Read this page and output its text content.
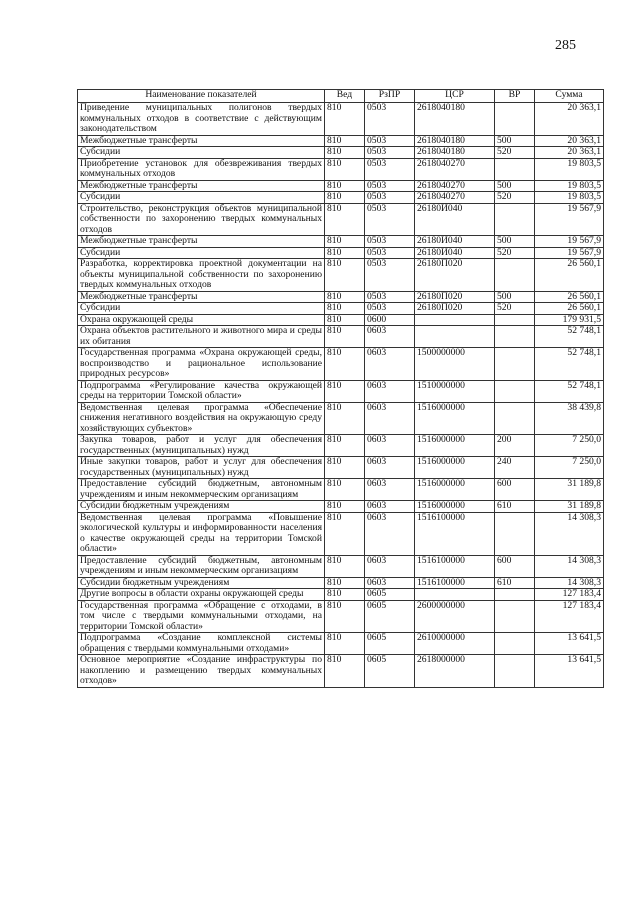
285
Наименование показателей	Вед	РзПР	ЦСР	ВР	Сумма
Приведение муниципальных полигонов твердых коммунальных отходов в соответствие с действующим законодательством	810	0503	2618040180		20 363,1
Межбюджетные трансферты	810	0503	2618040180	500	20 363,1
Субсидии	810	0503	2618040180	520	20 363,1
Приобретение установок для обезвреживания твердых коммунальных отходов	810	0503	2618040270		19 803,5
Межбюджетные трансферты	810	0503	2618040270	500	19 803,5
Субсидии	810	0503	2618040270	520	19 803,5
Строительство, реконструкция объектов муниципальной собственности по захоронению твердых коммунальных отходов	810	0503	26180И040		19 567,9
Межбюджетные трансферты	810	0503	26180И040	500	19 567,9
Субсидии	810	0503	26180И040	520	19 567,9
Разработка, корректировка проектной документации на объекты муниципальной собственности по захоронению твердых коммунальных отходов	810	0503	26180П020		26 560,1
Межбюджетные трансферты	810	0503	26180П020	500	26 560,1
Субсидии	810	0503	26180П020	520	26 560,1
Охрана окружающей среды	810	0600			179 931,5
Охрана объектов растительного и животного мира и среды их обитания	810	0603			52 748,1
Государственная программа «Охрана окружающей среды, воспроизводство и рациональное использование природных ресурсов»	810	0603	1500000000		52 748,1
Подпрограмма «Регулирование качества окружающей среды на территории Томской области»	810	0603	1510000000		52 748,1
Ведомственная целевая программа «Обеспечение снижения негативного воздействия на окружающую среду хозяйствующих субъектов»	810	0603	1516000000		38 439,8
Закупка товаров, работ и услуг для обеспечения государственных (муниципальных) нужд	810	0603	1516000000	200	7 250,0
Иные закупки товаров, работ и услуг для обеспечения государственных (муниципальных) нужд	810	0603	1516000000	240	7 250,0
Предоставление субсидий бюджетным, автономным учреждениям и иным некоммерческим организациям	810	0603	1516000000	600	31 189,8
Субсидии бюджетным учреждениям	810	0603	1516000000	610	31 189,8
Ведомственная целевая программа «Повышение экологической культуры и информированности населения о качестве окружающей среды на территории Томской области»	810	0603	1516100000		14 308,3
Предоставление субсидий бюджетным, автономным учреждениям и иным некоммерческим организациям	810	0603	1516100000	600	14 308,3
Субсидии бюджетным учреждениям	810	0603	1516100000	610	14 308,3
Другие вопросы в области охраны окружающей среды	810	0605			127 183,4
Государственная программа «Обращение с отходами, в том числе с твердыми коммунальными отходами, на территории Томской области»	810	0605	2600000000		127 183,4
Подпрограмма «Создание комплексной системы обращения с твердыми коммунальными отходами»	810	0605	2610000000		13 641,5
Основное мероприятие «Создание инфраструктуры по накоплению и размещению твердых коммунальных отходов»	810	0605	2618000000		13 641,5
